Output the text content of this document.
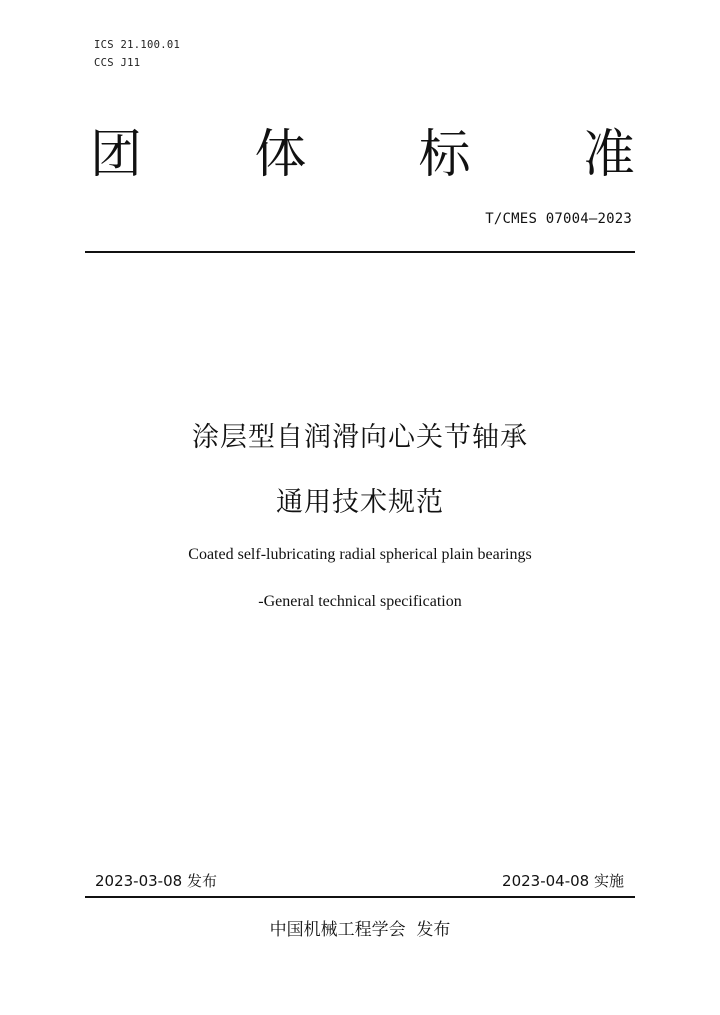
ICS 21.100.01
CCS J11
团 体 标 准
T/CMES 07004—2023
涂层型自润滑向心关节轴承
通用技术规范
Coated self-lubricating radial spherical plain bearings
-General technical specification
2023-03-08 发布	2023-04-08 实施
中国机械工程学会  发布
